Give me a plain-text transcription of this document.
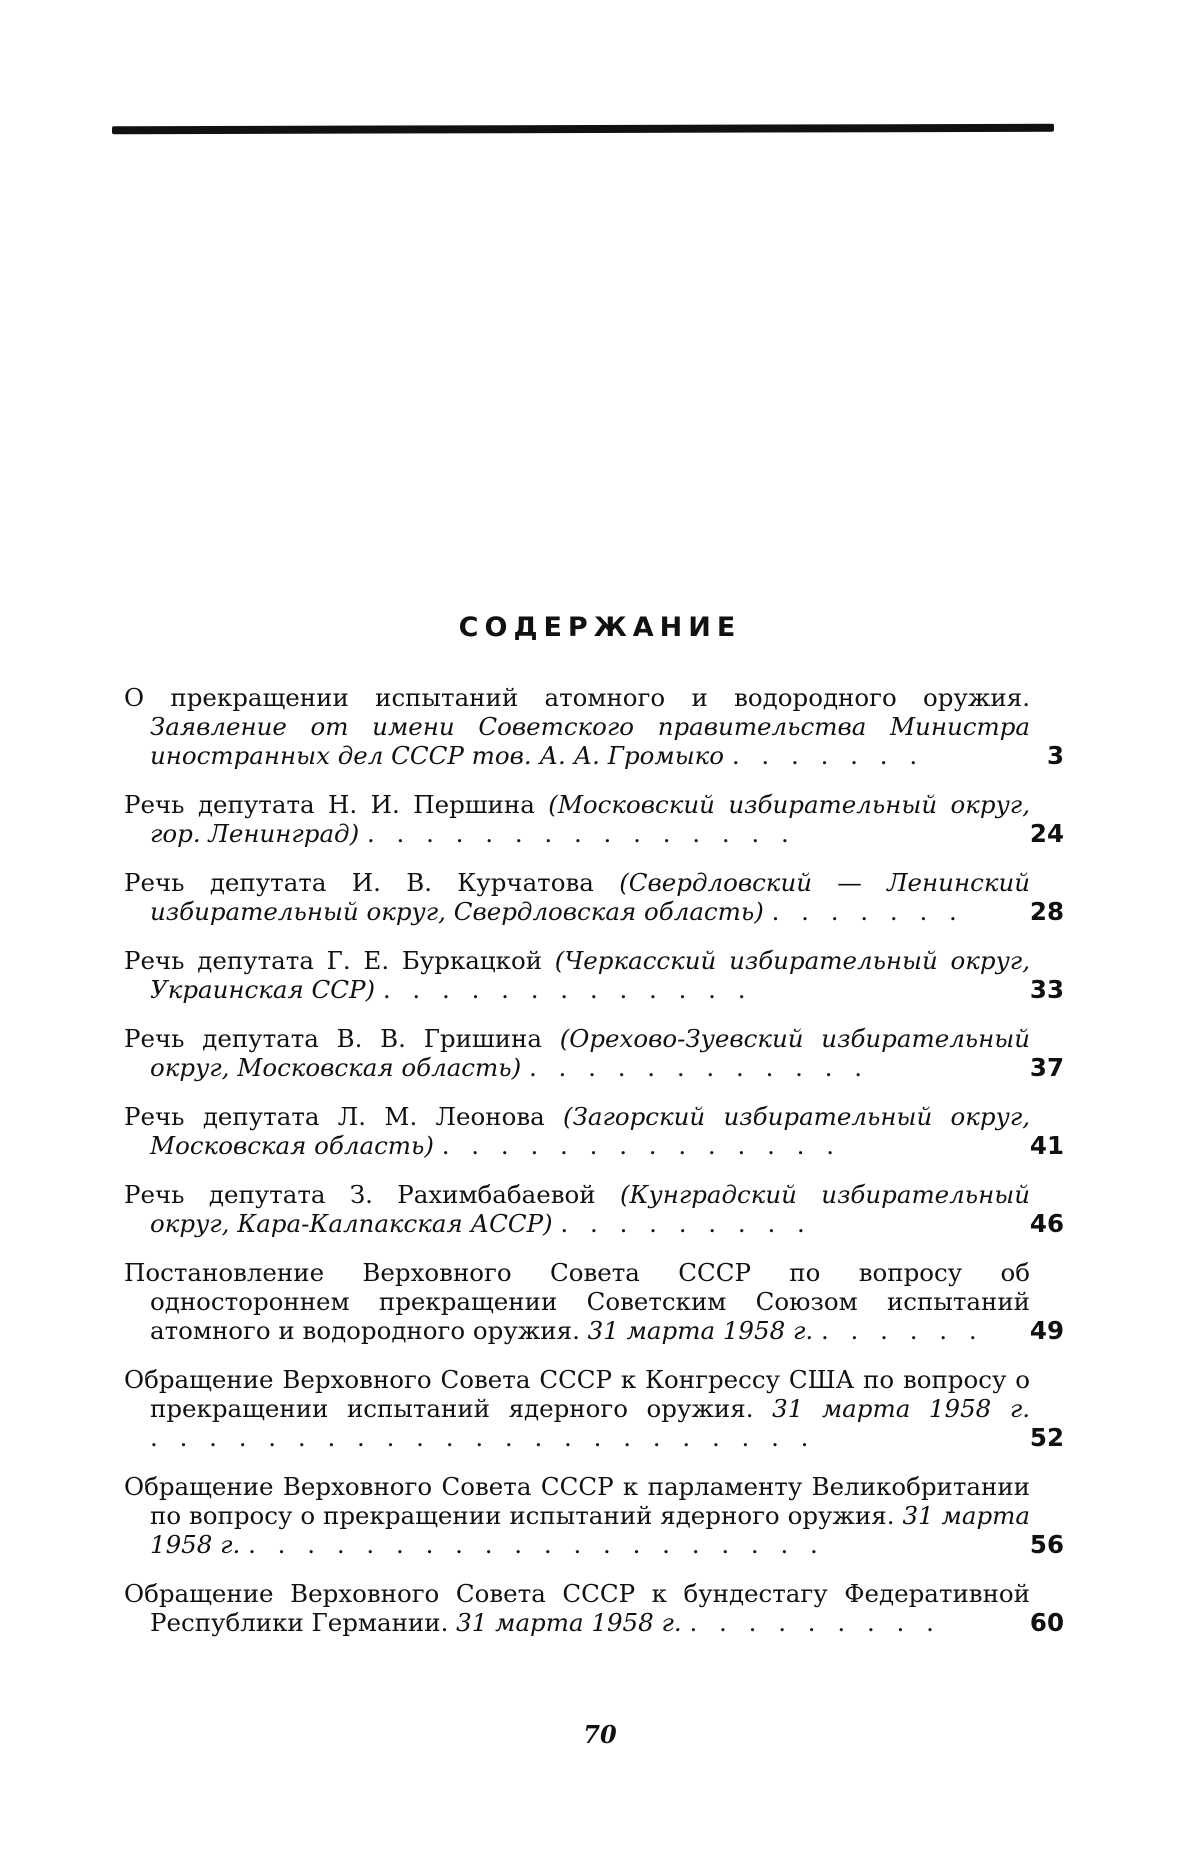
СОДЕРЖАНИЕ
О прекращении испытаний атомного и водородного оружия. Заявление от имени Советского правительства Министра иностранных дел СССР тов. А. А. Громыко . . . . . . .	3
Речь депутата Н. И. Першина (Московский избирательный округ, гор. Ленинград) . . . . . . . . . . . . . . .	24
Речь депутата И. В. Курчатова (Свердловский — Ленинский избирательный округ, Свердловская область) . . . . . . .	28
Речь депутата Г. Е. Буркацкой (Черкасский избирательный округ, Украинская ССР) . . . . . . . . . . . . .	33
Речь депутата В. В. Гришина (Орехово-Зуевский избирательный округ, Московская область) . . . . . . . . . . . .	37
Речь депутата Л. М. Леонова (Загорский избирательный округ, Московская область) . . . . . . . . . . . . . .	41
Речь депутата З. Рахимбабаевой (Кунградский избирательный округ, Кара-Калпакская АССР) . . . . . . . . .	46
Постановление Верховного Совета СССР по вопросу об одностороннем прекращении Советским Союзом испытаний атомного и водородного оружия. 31 марта 1958 г. . . . . . .	49
Обращение Верховного Совета СССР к Конгрессу США по вопросу о прекращении испытаний ядерного оружия. 31 марта 1958 г. . . . . . . . . . . . . . . . . . . . . . . .	52
Обращение Верховного Совета СССР к парламенту Великобритании по вопросу о прекращении испытаний ядерного оружия. 31 марта 1958 г. . . . . . . . . . . . . . . . . . . . .	56
Обращение Верховного Совета СССР к бундестагу Федеративной Республики Германии. 31 марта 1958 г. . . . . . . . . .	60
70
